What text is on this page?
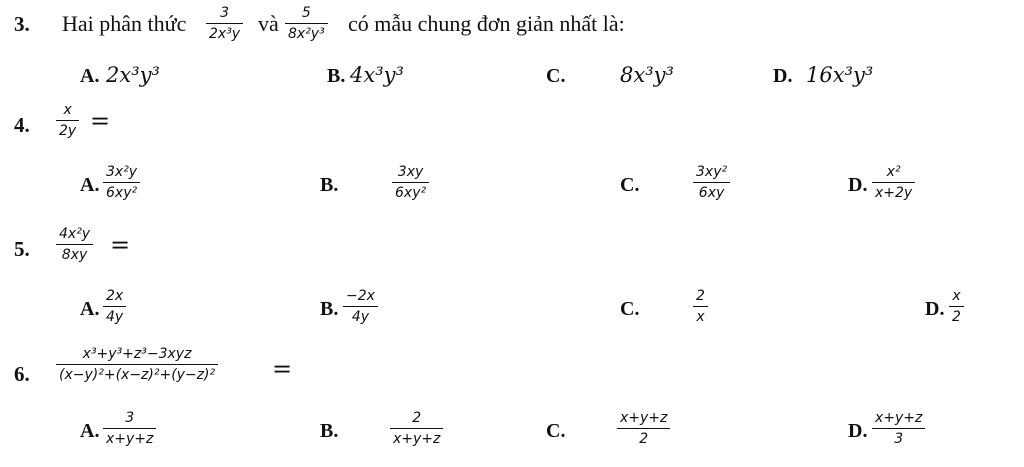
3. Hai phân thức $\frac{3}{\text{2x³y}}$ và $\frac{5}{\text{8x²y³}}$ có mẫu chung đơn giản nhất là:
A. 2x³y³	B. 4x³y³	C.	8x³y³	D. 16x³y³
4. $\frac{x}{2y}$ =
A. $\frac{\text{3x²y}}{\text{6xy²}}$	B.	$\frac{3xy}{\text{6xy²}}$	C.	$\frac{\text{3xy²}}{6xy}$	D. $\frac{\text{x²}}{x+2y}$
5. $\frac{\text{4x²y}}{8xy}$ =
A. $\frac{2x}{4y}$	B. $\frac{-2x}{4y}$	C.	$\frac{2}{x}$	D. $\frac{x}{2}$
6.
x³+y³+z³−3xyz
(x−y)²+(x−z)²+(y−z)² =
A. $\frac{3}{x+y+z}$	B.	$\frac{2}{x+y+z}$	C.	$\frac{x+y+z}{2}$	D. $\frac{x+y+z}{3}$
